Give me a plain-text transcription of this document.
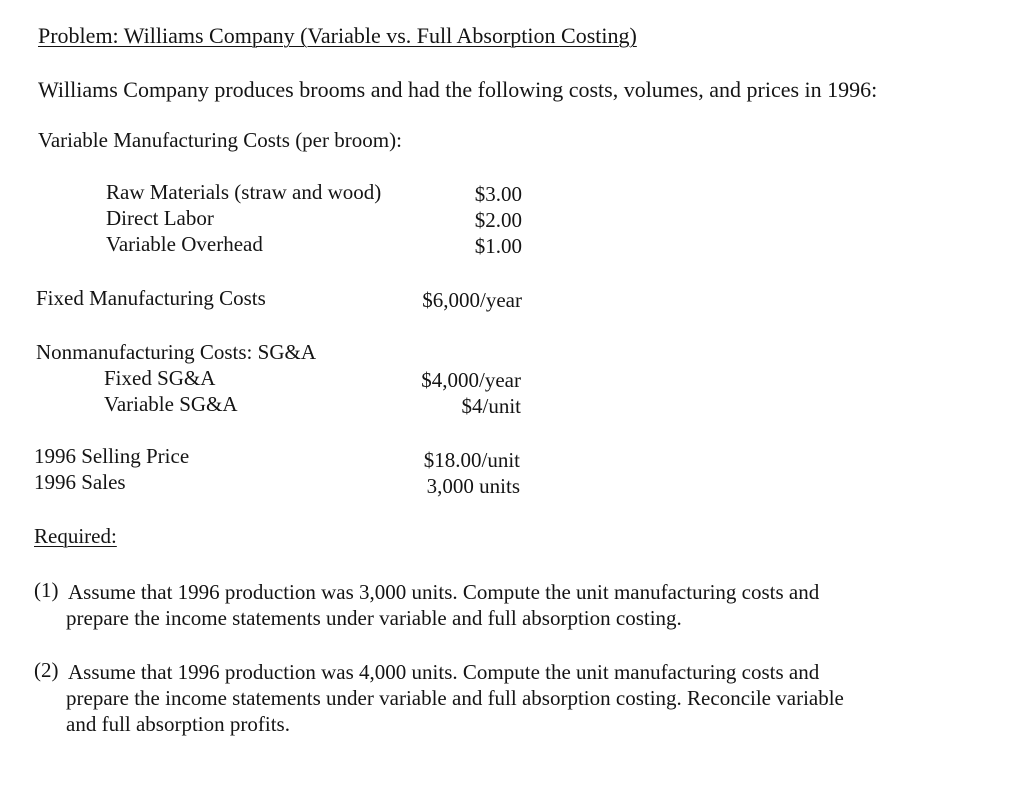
Problem: Williams Company (Variable vs. Full Absorption Costing)
Williams Company produces brooms and had the following costs, volumes, and prices in 1996:
Variable Manufacturing Costs (per broom):
Raw Materials (straw and wood)	$3.00
Direct Labor	$2.00
Variable Overhead	$1.00
Fixed Manufacturing Costs	$6,000/year
Nonmanufacturing Costs: SG&A
Fixed SG&A	$4,000/year
Variable SG&A	$4/unit
1996 Selling Price	$18.00/unit
1996 Sales	3,000 units
Required:
(1) Assume that 1996 production was 3,000 units. Compute the unit manufacturing costs and
prepare the income statements under variable and full absorption costing.
(2) Assume that 1996 production was 4,000 units. Compute the unit manufacturing costs and
prepare the income statements under variable and full absorption costing. Reconcile variable
and full absorption profits.
